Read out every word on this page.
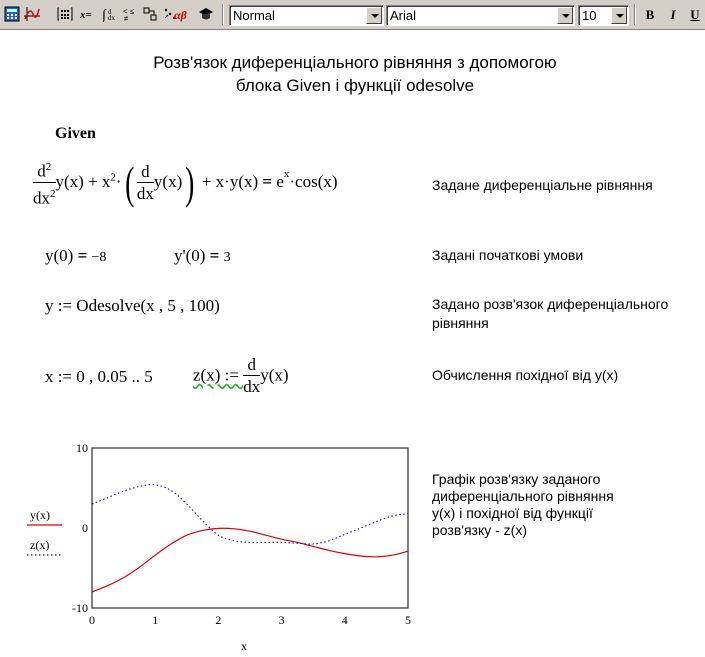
x= ∫ d
dx
< ≤
≠	αβ	Normal	Arial	10	B	I	U
Розв'язок диференціального рівняння з допомогою
блока Given і функції odesolve
Given
$\frac{d^2}{dx^2} y(x) + x^2\cdot( \frac{d}{dx} y(x)) + x\cdot y(x) = e^x\cdot\cos(x)$	Задане диференціальне рівняння
y(0) = −8	y'(0) = 3	Задані початкові умови
y := Odesolve(x , 5 , 100)	Задано розв'язок диференціального
рівняння
x := 0 , 0.05 .. 5 z(x) := $\frac{d}{dx} y(x)$	Обчислення похідної від y(x)
Графік розв'язку заданого
диференціального рівняння
y(x) і похідної від функції
розв'язку - z(x)
0	1	2	3	4	5
-10
0
10
y(x)
z(x)
x
